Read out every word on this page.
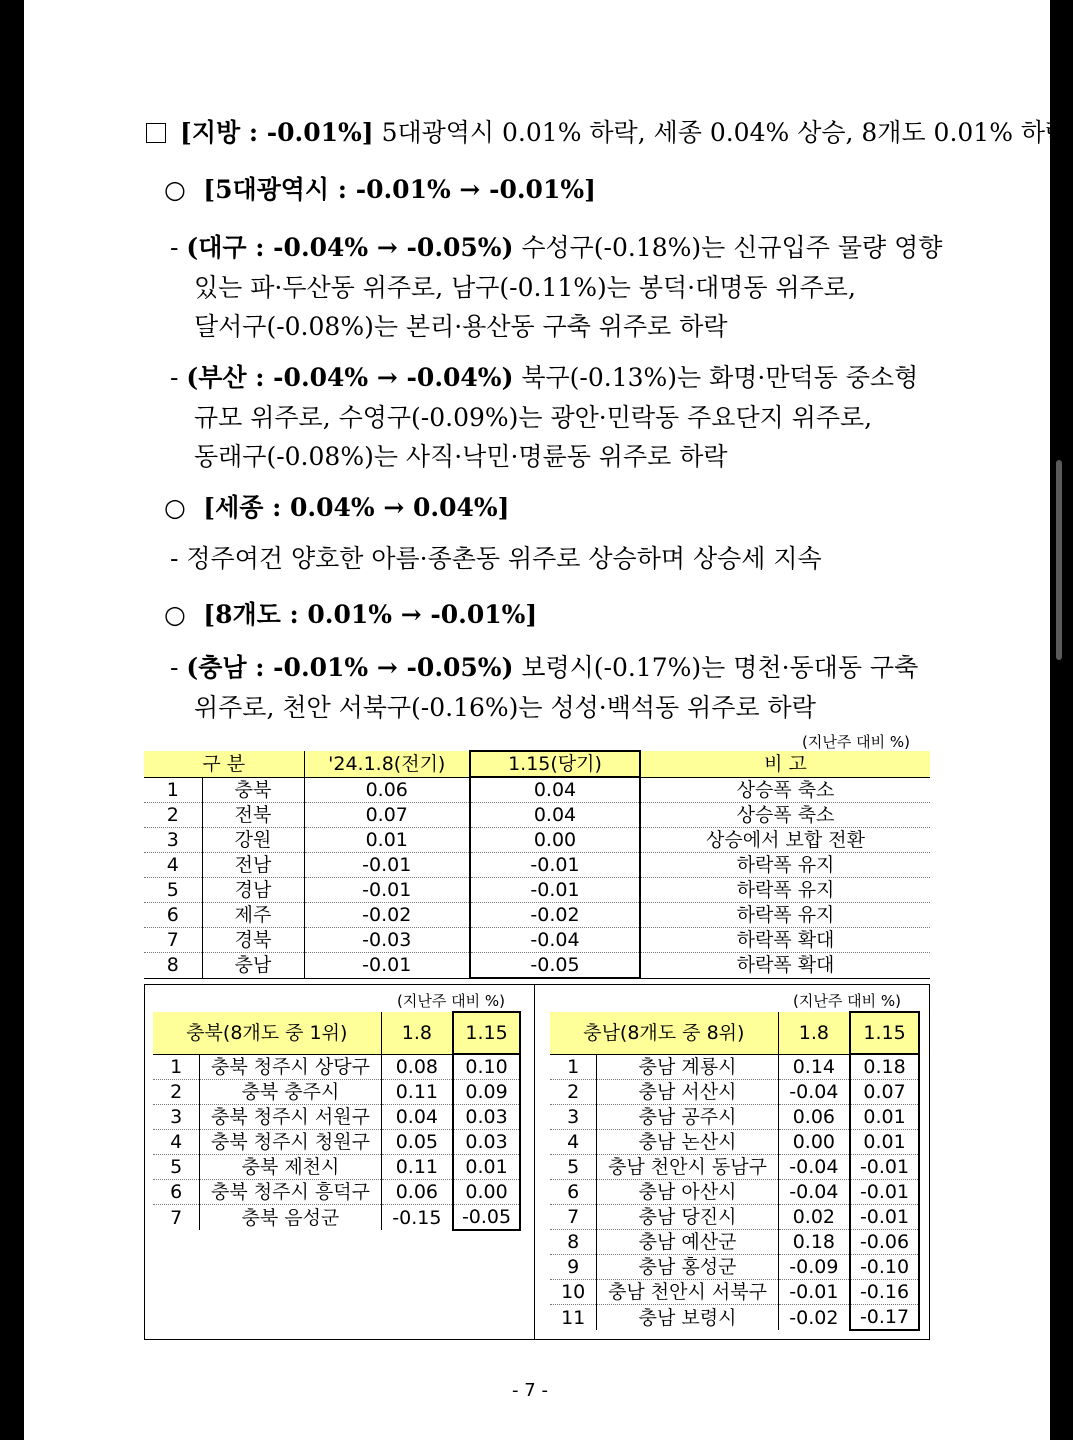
[지방 : -0.01%] 5대광역시 0.01% 하락, 세종 0.04% 상승, 8개도 0.01% 하락
○  [5대광역시 : -0.01% → -0.01%]
- (대구 : -0.04% → -0.05%) 수성구(-0.18%)는 신규입주 물량 영향
있는 파·두산동 위주로, 남구(-0.11%)는 봉덕·대명동 위주로,
달서구(-0.08%)는 본리·용산동 구축 위주로 하락
- (부산 : -0.04% → -0.04%) 북구(-0.13%)는 화명·만덕동 중소형
규모 위주로, 수영구(-0.09%)는 광안·민락동 주요단지 위주로,
동래구(-0.08%)는 사직·낙민·명륜동 위주로 하락
○  [세종 : 0.04% → 0.04%]
- 정주여건 양호한 아름·종촌동 위주로 상승하며 상승세 지속
○  [8개도 : 0.01% → -0.01%]
- (충남 : -0.01% → -0.05%) 보령시(-0.17%)는 명천·동대동 구축
위주로, 천안 서북구(-0.16%)는 성성·백석동 위주로 하락
(지난주 대비 %)
구 분		'24.1.8(전기)	1.15(당기)	비 고
1	충북	0.06	0.04	상승폭 축소
2	전북	0.07	0.04	상승폭 축소
3	강원	0.01	0.00	상승에서 보합 전환
4	전남	-0.01	-0.01	하락폭 유지
5	경남	-0.01	-0.01	하락폭 유지
6	제주	-0.02	-0.02	하락폭 유지
7	경북	-0.03	-0.04	하락폭 확대
8	충남	-0.01	-0.05	하락폭 확대
(지난주 대비 %)
충북(8개도 중 1위)		1.8	1.15
1	충북 청주시 상당구	0.08	0.10
2	충북 충주시	0.11	0.09
3	충북 청주시 서원구	0.04	0.03
4	충북 청주시 청원구	0.05	0.03
5	충북 제천시	0.11	0.01
6	충북 청주시 흥덕구	0.06	0.00
7	충북 음성군	-0.15	-0.05
(지난주 대비 %)
충남(8개도 중 8위)		1.8	1.15
1	충남 계룡시	0.14	0.18
2	충남 서산시	-0.04	0.07
3	충남 공주시	0.06	0.01
4	충남 논산시	0.00	0.01
5	충남 천안시 동남구	-0.04	-0.01
6	충남 아산시	-0.04	-0.01
7	충남 당진시	0.02	-0.01
8	충남 예산군	0.18	-0.06
9	충남 홍성군	-0.09	-0.10
10	충남 천안시 서북구	-0.01	-0.16
11	충남 보령시	-0.02	-0.17
- 7 -
